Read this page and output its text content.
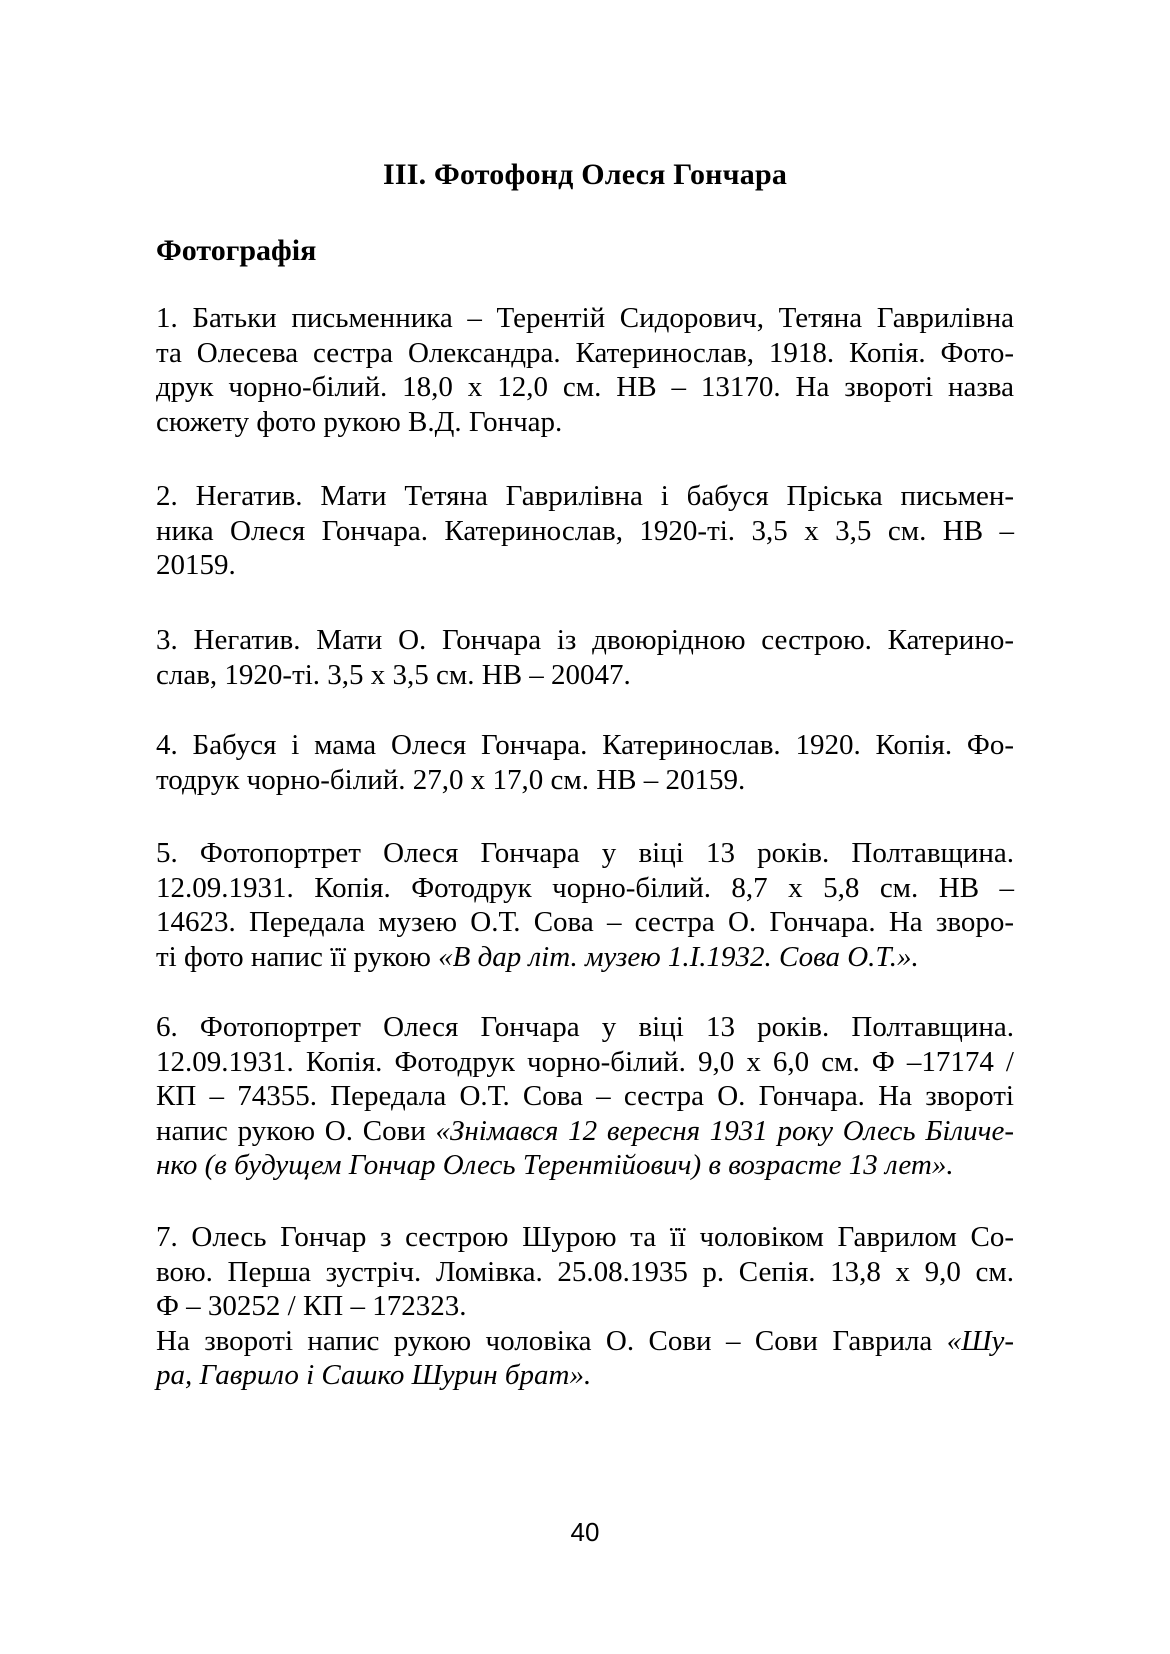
ІІІ. Фотофонд Олеся Гончара
Фотографія
1. Батьки письменника – Терентій Сидорович, Тетяна Гаврилівна
та Олесева сестра Олександра. Катеринослав, 1918. Копія. Фото-
друк чорно-білий. 18,0 х 12,0 см. НВ – 13170. На звороті назва
сюжету фото рукою В.Д. Гончар.
2. Негатив. Мати Тетяна Гаврилівна і бабуся Пріська письмен-
ника Олеся Гончара. Катеринослав, 1920-ті. 3,5 х 3,5 см. НВ –
20159.
3. Негатив. Мати О. Гончара із двоюрідною сестрою. Катерино-
слав, 1920-ті. 3,5 х 3,5 см. НВ – 20047.
4. Бабуся і мама Олеся Гончара. Катеринослав. 1920. Копія. Фо-
тодрук чорно-білий. 27,0 х 17,0 см. НВ – 20159.
5. Фотопортрет Олеся Гончара у віці 13 років. Полтавщина.
12.09.1931. Копія. Фотодрук чорно-білий. 8,7 х 5,8 см. НВ –
14623. Передала музею О.Т. Сова – сестра О. Гончара. На зворо-
ті фото напис її рукою «В дар літ. музею 1.І.1932. Сова О.Т.».
6. Фотопортрет Олеся Гончара у віці 13 років. Полтавщина.
12.09.1931. Копія. Фотодрук чорно-білий. 9,0 х 6,0 см. Ф –17174 /
КП – 74355. Передала О.Т. Сова – сестра О. Гончара. На звороті
напис рукою О. Сови «Знімався 12 вересня 1931 року Олесь Біличе-
нко (в будущем Гончар Олесь Терентійович) в возрасте 13 лет».
7. Олесь Гончар з сестрою Шурою та її чоловіком Гаврилом Со-
вою. Перша зустріч. Ломівка. 25.08.1935 р. Сепія. 13,8 х 9,0 см.
Ф – 30252 / КП – 172323.
На звороті напис рукою чоловіка О. Сови – Сови Гаврила «Шу-
ра, Гаврило і Сашко Шурин брат».
40
